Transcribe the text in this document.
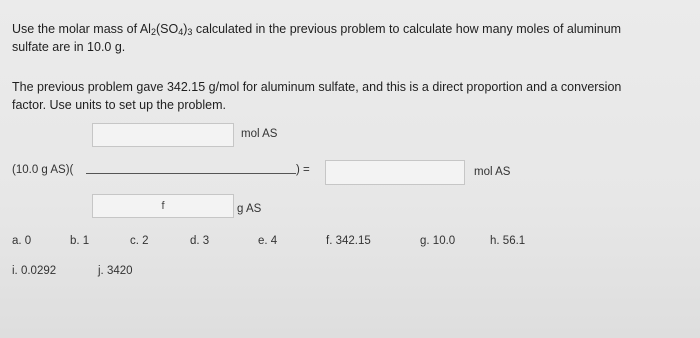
Use the molar mass of $Al_2(SO_4)_3$ calculated in the previous problem to calculate how many moles of aluminum
sulfate are in 10.0 g.
The previous problem gave 342.15 g/mol for aluminum sulfate, and this is a direct proportion and a conversion
factor. Use units to set up the problem.
mol AS
(10.0 g AS)(	) =	mol AS
f	g AS
a. 0	b. 1	c. 2	d. 3	e. 4	f. 342.15	g. 10.0	h. 56.1
i. 0.0292	j. 3420
